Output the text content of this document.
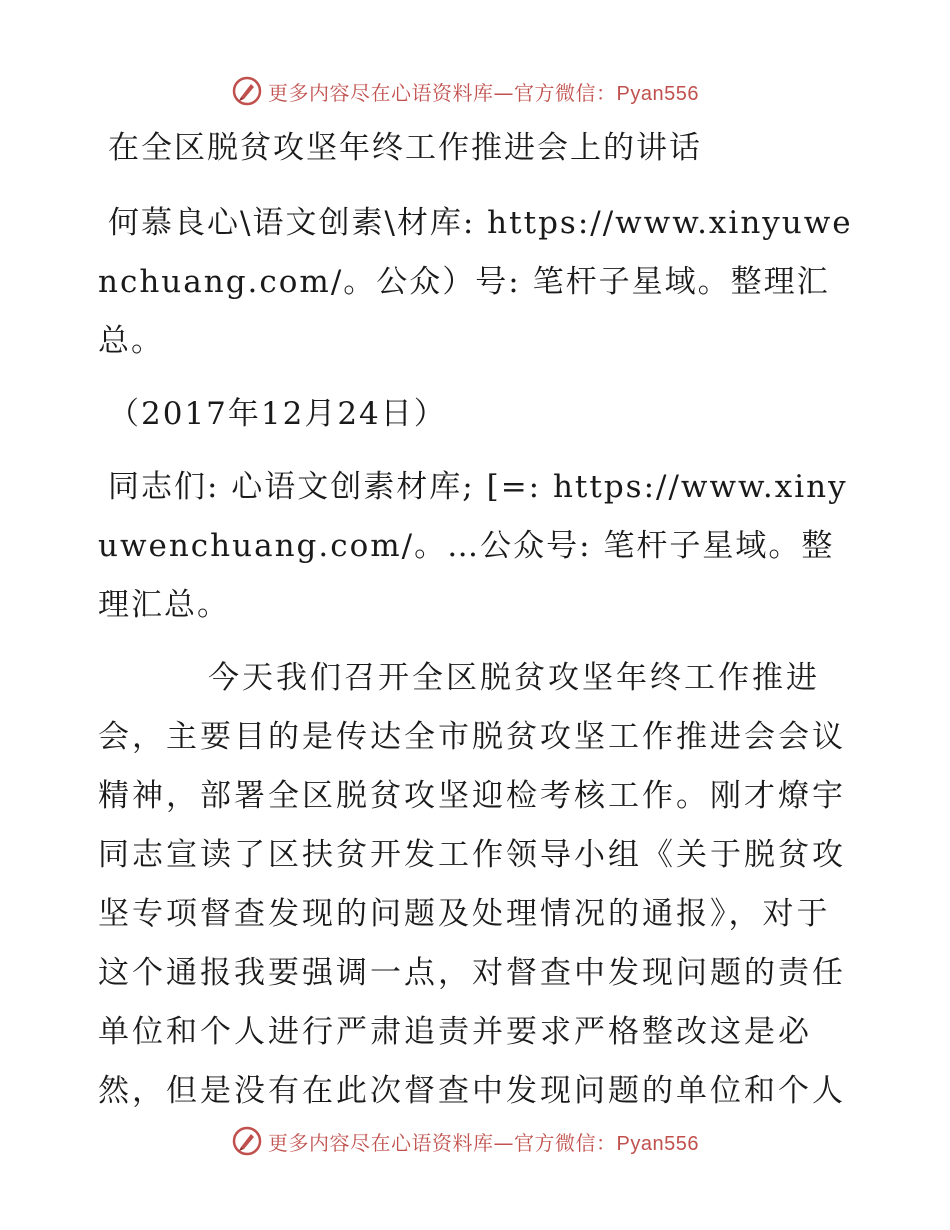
更多内容尽在心语资料库—官方微信：Pyan556
在全区脱贫攻坚年终工作推进会上的讲话

何慕良心\语文创素\材库: https://www.xinyuwenchuang.com/。公众）号: 笔杆子星域。整理汇总。

（2017年12月24日）

同志们: 心语文创素材库; [=: https://www.xinyuwenchuang.com/。…公众号: 笔杆子星域。整理汇总。

今天我们召开全区脱贫攻坚年终工作推进会，主要目的是传达全市脱贫攻坚工作推进会会议精神，部署全区脱贫攻坚迎检考核工作。刚才燎宇同志宣读了区扶贫开发工作领导小组《关于脱贫攻坚专项督查发现的问题及处理情况的通报》，对于这个通报我要强调一点，对督查中发现问题的责任单位和个人进行严肃追责并要求严格整改这是必然，但是没有在此次督查中发现问题的单位和个人

更多内容尽在心语资料库—官方微信：Pyan556
